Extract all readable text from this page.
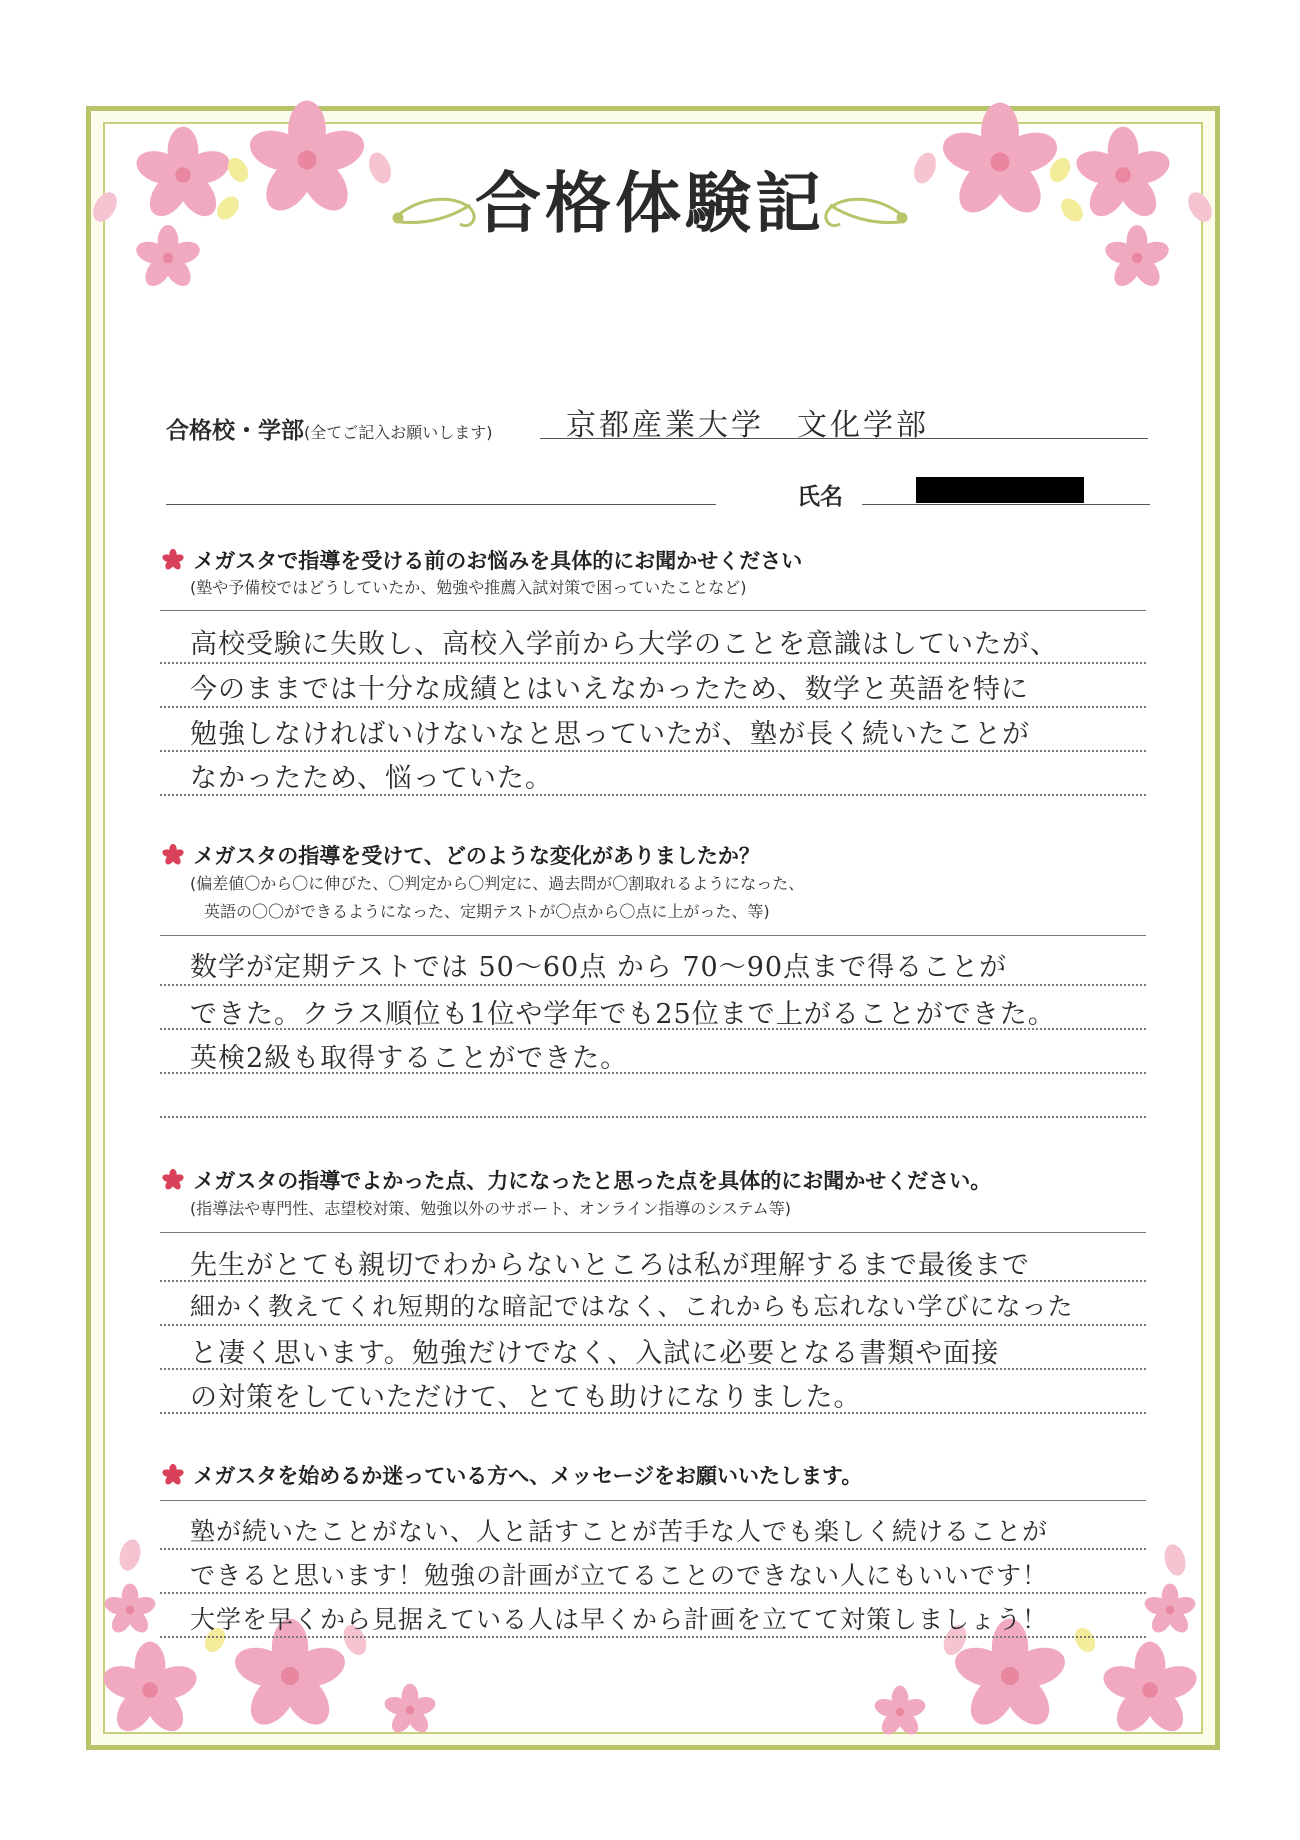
合格体験記
合格校・学部(全てご記入お願いします) 京都産業大学　文化学部
氏名
メガスタで指導を受ける前のお悩みを具体的にお聞かせください
(塾や予備校ではどうしていたか、勉強や推薦入試対策で困っていたことなど)
高校受験に失敗し、高校入学前から大学のことを意識はしていたが、
今のままでは十分な成績とはいえなかったため、数学と英語を特に
勉強しなければいけないなと思っていたが、塾が長く続いたことが
なかったため、悩っていた。
メガスタの指導を受けて、どのような変化がありましたか？
(偏差値〇から〇に伸びた、〇判定から〇判定に、過去問が〇割取れるようになった、
英語の〇〇ができるようになった、定期テストが〇点から〇点に上がった、等)
数学が定期テストでは 50〜60点 から 70〜90点まで得ることが
できた。クラス順位も1位や学年でも25位まで上がることができた。
英検2級も取得することができた。
メガスタの指導でよかった点、力になったと思った点を具体的にお聞かせください。
(指導法や専門性、志望校対策、勉強以外のサポート、オンライン指導のシステム等)
先生がとても親切でわからないところは私が理解するまで最後まで
細かく教えてくれ短期的な暗記ではなく、これからも忘れない学びになった
と凄く思います。勉強だけでなく、入試に必要となる書類や面接
の対策をしていただけて、とても助けになりました。
メガスタを始めるか迷っている方へ、メッセージをお願いいたします。
塾が続いたことがない、人と話すことが苦手な人でも楽しく続けることが
できると思います！勉強の計画が立てることのできない人にもいいです！
大学を早くから見据えている人は早くから計画を立てて対策しましょう！
